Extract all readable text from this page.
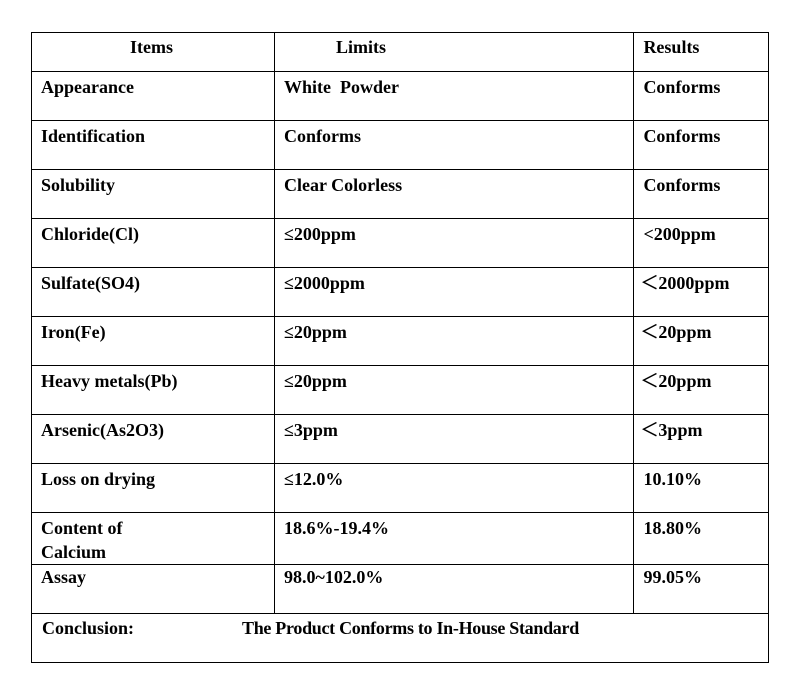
Items	Limits	Results

Appearance	White  Powder	Conforms

Identification	Conforms	Conforms

Solubility	Clear Colorless	Conforms

Chloride(Cl)	≤200ppm	<200ppm

Sulfate(SO4)	≤2000ppm	＜2000ppm

Iron(Fe)	≤20ppm	＜20ppm

Heavy metals(Pb)	≤20ppm	＜20ppm

Arsenic(As2O3)	≤3ppm	＜3ppm

Loss on drying	≤12.0%	10.10%

Content of Calcium	18.6%-19.4%	18.80%

Assay	98.0~102.0%	99.05%

Conclusion: The Product Conforms to In-House Standard		
